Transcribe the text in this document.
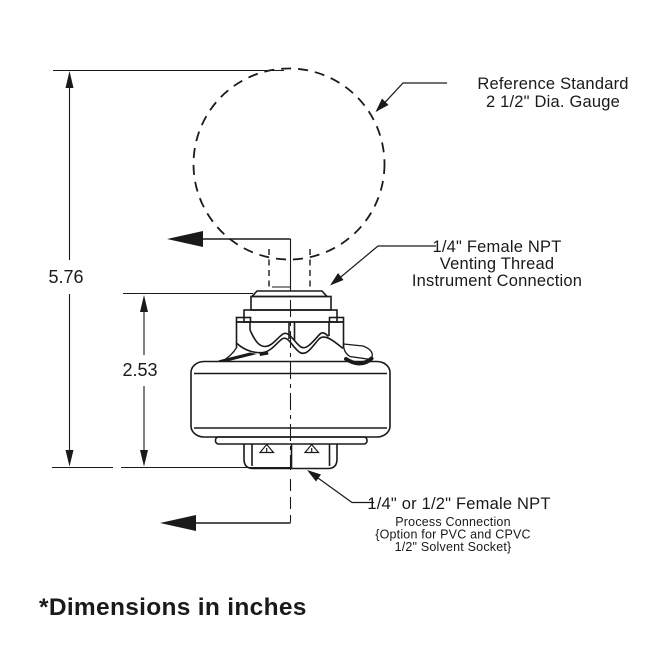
Reference Standard
2 1/2" Dia. Gauge
1/4" Female NPT
Venting Thread
Instrument Connection
1/4" or 1/2" Female NPT
Process Connection
{Option for PVC and CPVC
1/2" Solvent Socket}
5.76
2.53
*Dimensions in inches
